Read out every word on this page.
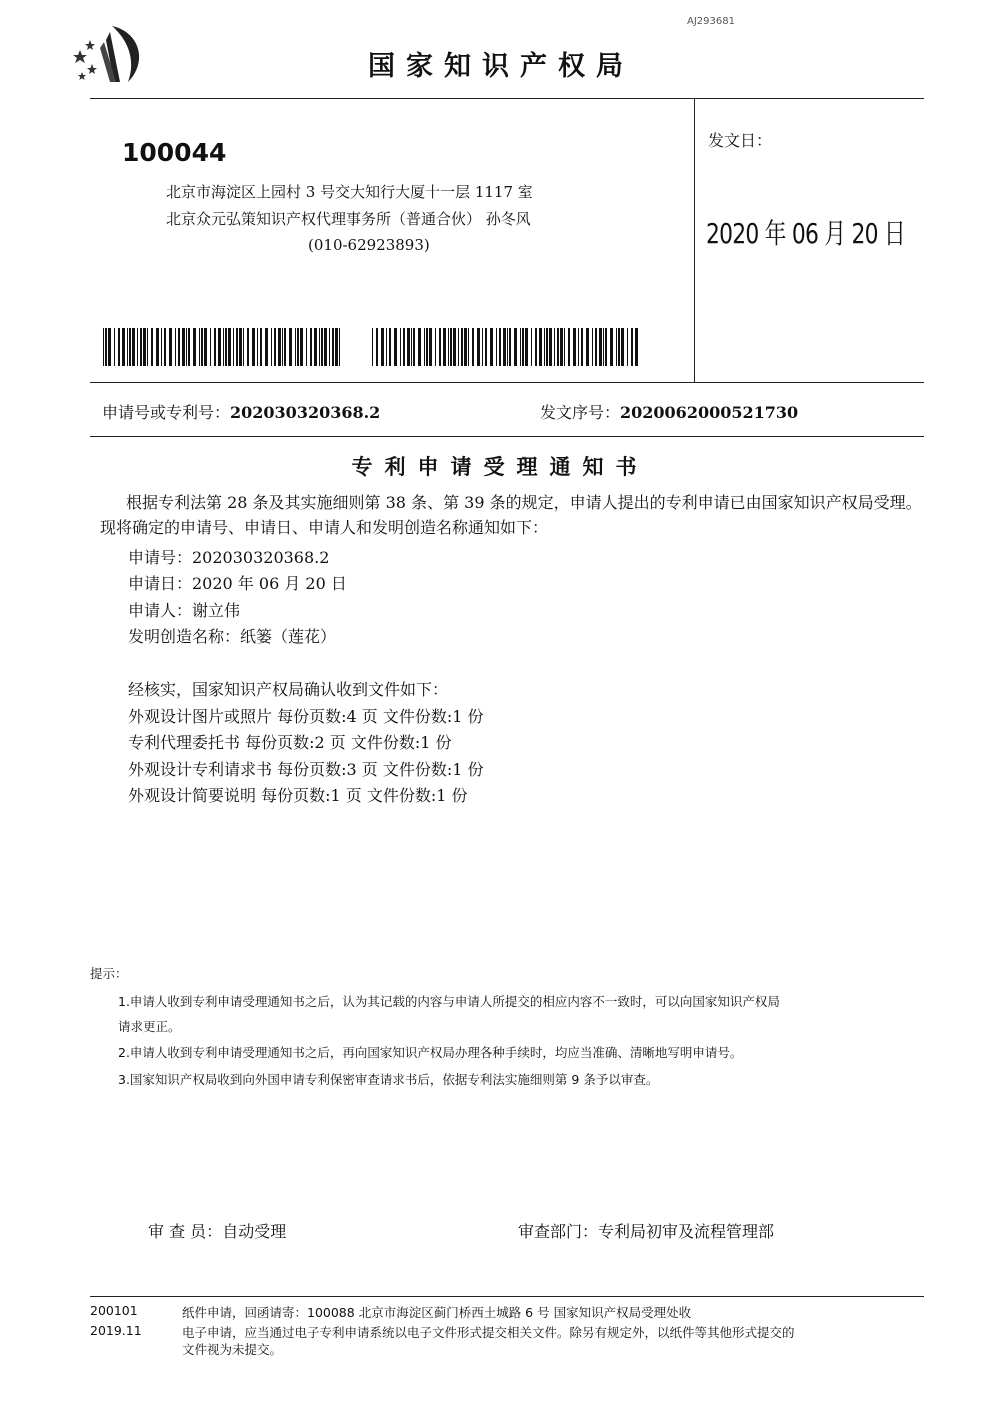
国家知识产权局
AJ293681
100044
北京市海淀区上园村 3 号交大知行大厦十一层 1117 室
北京众元弘策知识产权代理事务所（普通合伙） 孙冬风
(010-62923893)
发文日：
2020 年 06 月 20 日
申请号或专利号：202030320368.2	发文序号：2020062000521730
专利申请受理通知书
根据专利法第 28 条及其实施细则第 38 条、第 39 条的规定，申请人提出的专利申请已由国家知识产权局受理。现将确定的申请号、申请日、申请人和发明创造名称通知如下：
申请号：202030320368.2
申请日：2020 年 06 月 20 日
申请人：谢立伟
发明创造名称：纸篓（莲花）
经核实，国家知识产权局确认收到文件如下：
外观设计图片或照片 每份页数:4 页 文件份数:1 份
专利代理委托书 每份页数:2 页 文件份数:1 份
外观设计专利请求书 每份页数:3 页 文件份数:1 份
外观设计简要说明 每份页数:1 页 文件份数:1 份
提示：
1.申请人收到专利申请受理通知书之后，认为其记载的内容与申请人所提交的相应内容不一致时，可以向国家知识产权局
请求更正。
2.申请人收到专利申请受理通知书之后，再向国家知识产权局办理各种手续时，均应当准确、清晰地写明申请号。
3.国家知识产权局收到向外国申请专利保密审查请求书后，依据专利法实施细则第 9 条予以审查。
审 查 员：自动受理	审查部门：专利局初审及流程管理部
200101	纸件申请，回函请寄：100088 北京市海淀区蓟门桥西土城路 6 号 国家知识产权局受理处收
2019.11	电子申请，应当通过电子专利申请系统以电子文件形式提交相关文件。除另有规定外，以纸件等其他形式提交的
文件视为未提交。
